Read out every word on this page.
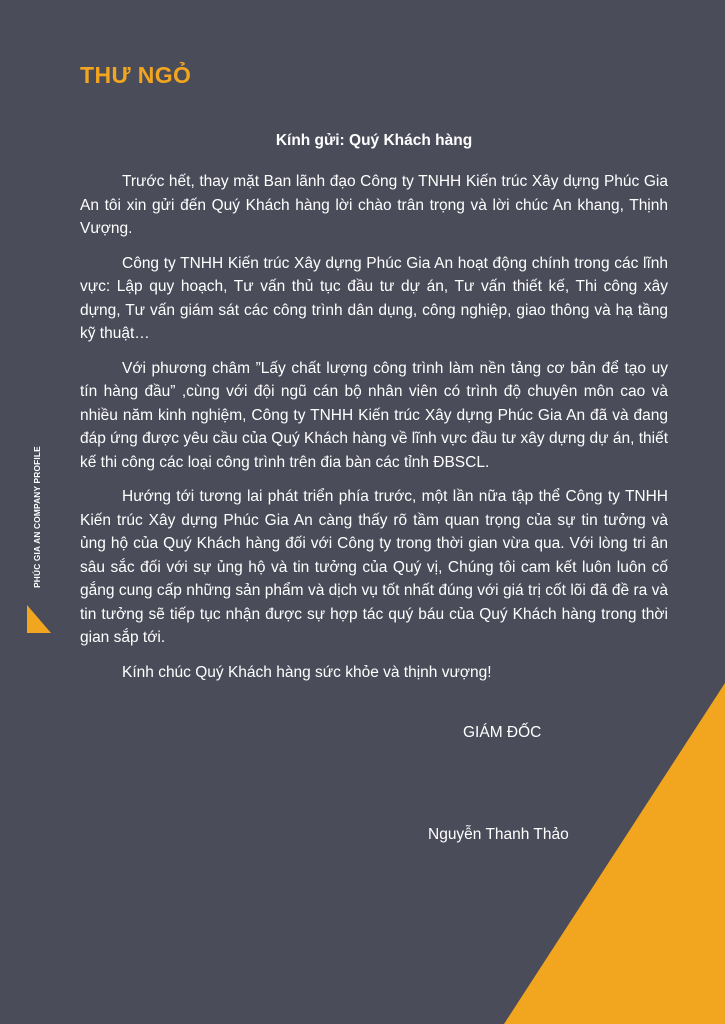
PHÚC GIA AN COMPANY PROFILE
THƯ NGỎ
Kính gửi: Quý Khách hàng

Trước hết, thay mặt Ban lãnh đạo Công ty TNHH Kiến trúc Xây dựng Phúc Gia An tôi xin gửi đến Quý Khách hàng lời chào trân trọng và lời chúc An khang, Thịnh Vượng.

Công ty TNHH Kiến trúc Xây dựng Phúc Gia An hoạt động chính trong các lĩnh vực: Lập quy hoạch, Tư vấn thủ tục đầu tư dự án, Tư vấn thiết kế, Thi công xây dựng, Tư vấn giám sát các công trình dân dụng, công nghiệp, giao thông và hạ tầng kỹ thuật…

Với phương châm ”Lấy chất lượng công trình làm nền tảng cơ bản để tạo uy tín hàng đầu” ,cùng với đội ngũ cán bộ nhân viên có trình độ chuyên môn cao và nhiều năm kinh nghiệm, Công ty TNHH Kiến trúc Xây dựng Phúc Gia An đã và đang đáp ứng được yêu cầu của Quý Khách hàng về lĩnh vực đầu tư xây dựng dự án, thiết kế thi công các loại công trình trên đia bàn các tỉnh ĐBSCL.

Hướng tới tương lai phát triển phía trước, một lần nữa tập thể Công ty TNHH Kiến trúc Xây dựng Phúc Gia An càng thấy rõ tầm quan trọng của sự tin tưởng và ủng hộ của Quý Khách hàng đối với Công ty trong thời gian vừa qua. Với lòng tri ân sâu sắc đối với sự ủng hộ và tin tưởng của Quý vị, Chúng tôi cam kết luôn luôn cố gắng cung cấp những sản phẩm và dịch vụ tốt nhất đúng với giá trị cốt lõi đã đề ra và tin tưởng sẽ tiếp tục nhận được sự hợp tác quý báu của Quý Khách hàng trong thời gian sắp tới.

Kính chúc Quý Khách hàng sức khỏe và thịnh vượng!

GIÁM ĐỐC
Nguyễn Thanh Thảo
